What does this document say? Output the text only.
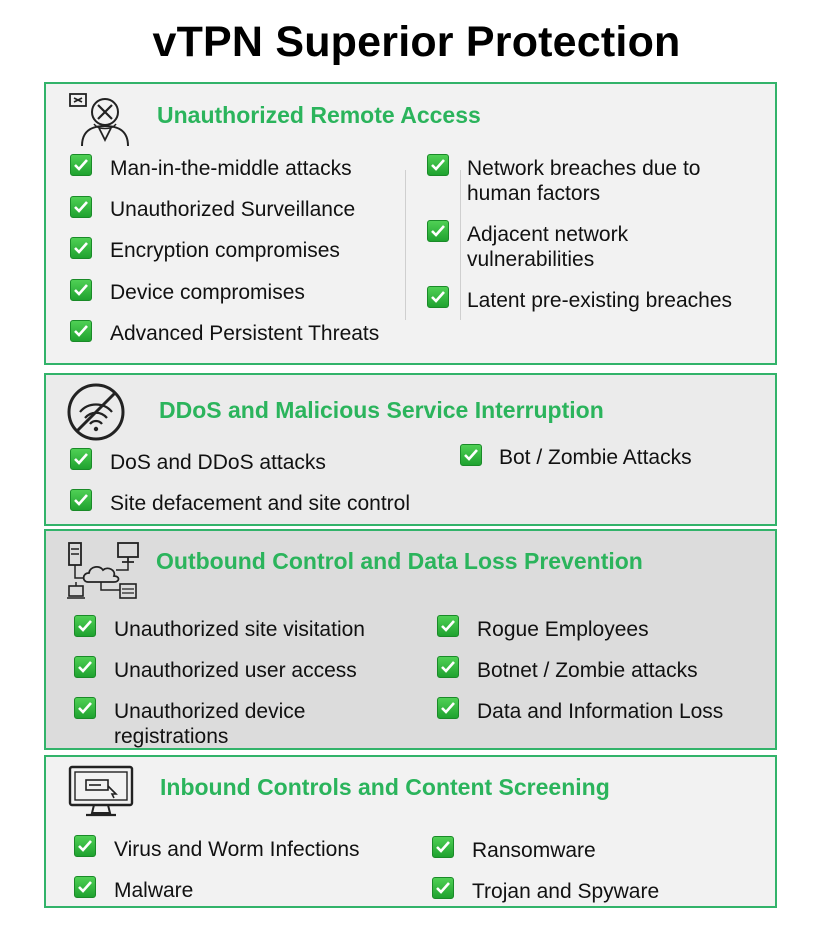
vTPN Superior Protection
Unauthorized Remote Access
Man-in-the-middle attacks
Unauthorized Surveillance
Encryption compromises
Device compromises
Advanced Persistent Threats
Network breaches due to human factors
Adjacent network vulnerabilities
Latent pre-existing breaches
DDoS and Malicious Service Interruption
DoS and DDoS attacks
Site defacement and site control
Bot / Zombie Attacks
Outbound Control and Data Loss Prevention
Unauthorized site visitation
Unauthorized user access
Unauthorized device registrations
Rogue Employees
Botnet / Zombie attacks
Data and Information Loss
Inbound Controls and Content Screening
Virus and Worm Infections
Malware
Ransomware
Trojan and Spyware
